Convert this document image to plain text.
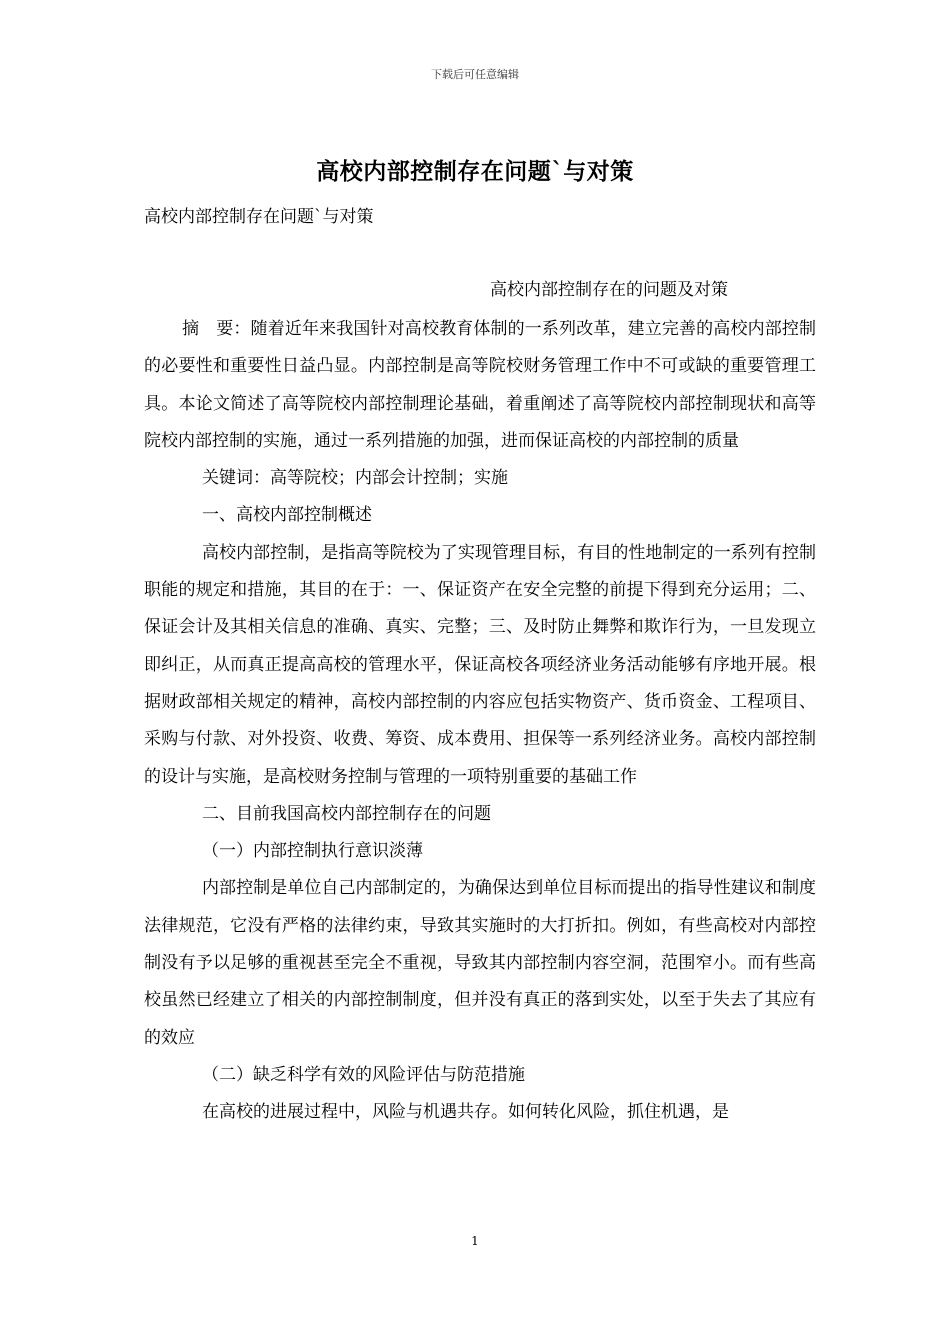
下载后可任意编辑
高校内部控制存在问题`与对策
高校内部控制存在问题`与对策
高校内部控制存在的问题及对策

摘　要：随着近年来我国针对高校教育体制的一系列改革，建立完善的高校内部控制的必要性和重要性日益凸显。内部控制是高等院校财务管理工作中不可或缺的重要管理工具。本论文简述了高等院校内部控制理论基础，着重阐述了高等院校内部控制现状和高等院校内部控制的实施，通过一系列措施的加强，进而保证高校的内部控制的质量

关键词：高等院校；内部会计控制；实施

一、高校内部控制概述

高校内部控制，是指高等院校为了实现管理目标，有目的性地制定的一系列有控制职能的规定和措施，其目的在于：一、保证资产在安全完整的前提下得到充分运用；二、保证会计及其相关信息的准确、真实、完整；三、及时防止舞弊和欺诈行为，一旦发现立即纠正，从而真正提高高校的管理水平，保证高校各项经济业务活动能够有序地开展。根据财政部相关规定的精神，高校内部控制的内容应包括实物资产、货币资金、工程项目、采购与付款、对外投资、收费、筹资、成本费用、担保等一系列经济业务。高校内部控制的设计与实施，是高校财务控制与管理的一项特别重要的基础工作

二、目前我国高校内部控制存在的问题

（一）内部控制执行意识淡薄

内部控制是单位自己内部制定的，为确保达到单位目标而提出的指导性建议和制度法律规范，它没有严格的法律约束，导致其实施时的大打折扣。例如，有些高校对内部控制没有予以足够的重视甚至完全不重视，导致其内部控制内容空洞，范围窄小。而有些高校虽然已经建立了相关的内部控制制度，但并没有真正的落到实处，以至于失去了其应有的效应

（二）缺乏科学有效的风险评估与防范措施

在高校的进展过程中，风险与机遇共存。如何转化风险，抓住机遇，是

1
